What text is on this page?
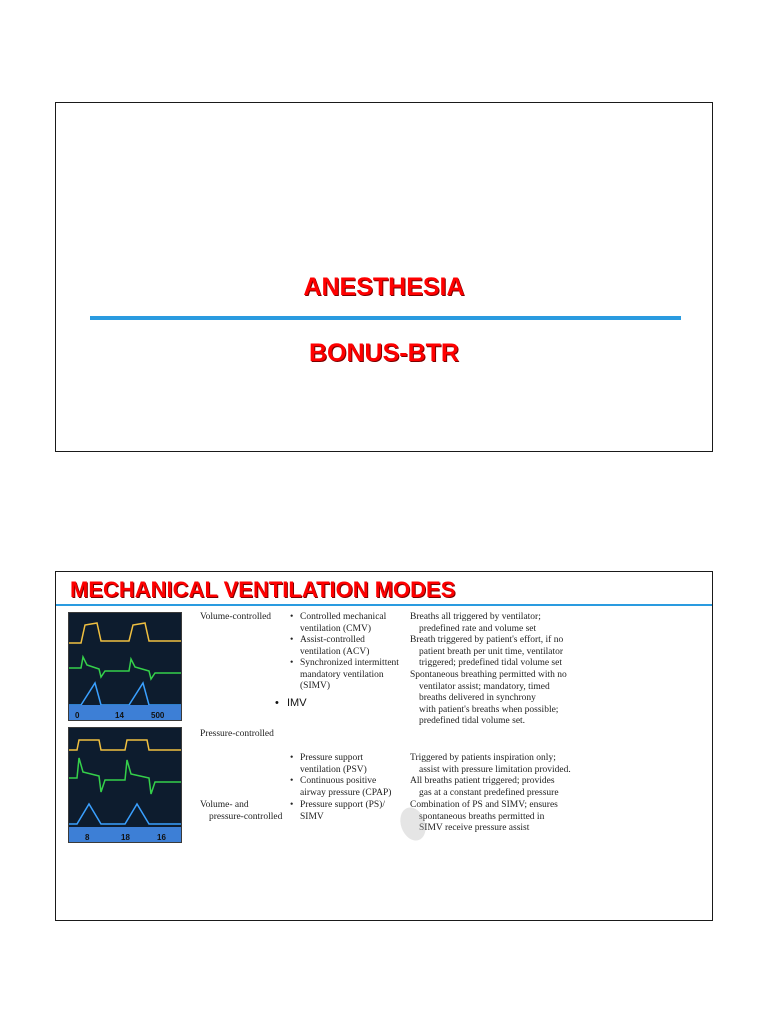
ANESTHESIA
BONUS-BTR
MECHANICAL VENTILATION MODES
0	14	500
8	18	16
Volume-controlled
•	Controlled mechanical
ventilation (CMV)
• Assist-controlled
ventilation (ACV)
• Synchronized intermittent
mandatory ventilation
(SIMV)
Breaths all triggered by ventilator;
predefined rate and volume set
Breath triggered by patient's effort, if no
patient breath per unit time, ventilator
triggered; predefined tidal volume set
Spontaneous breathing permitted with no
ventilator assist; mandatory, timed
breaths delivered in synchrony
with patient's breaths when possible;
predefined tidal volume set.
Pressure-controlled
• Pressure support
ventilation (PSV)
• Continuous positive
airway pressure (CPAP)
Triggered by patients inspiration only;
assist with pressure limitation provided.
All breaths patient triggered; provides
gas at a constant predefined pressure
Volume- and
pressure-controlled
• Pressure support (PS)/
SIMV
Combination of PS and SIMV; ensures
spontaneous breaths permitted in
SIMV receive pressure assist
• IMV
